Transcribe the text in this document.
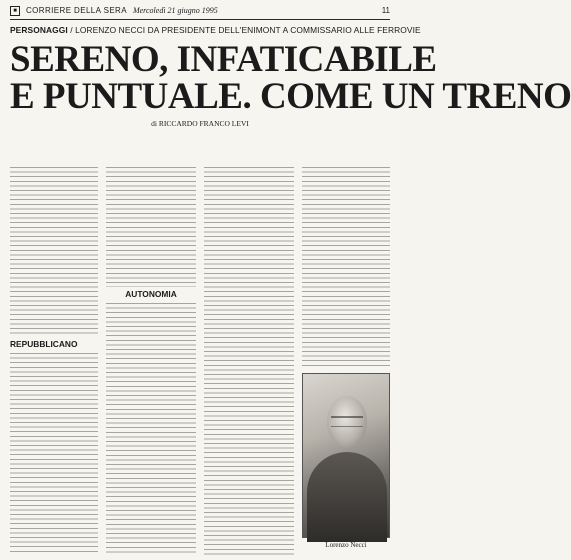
■	CORRIERE DELLA SERA Mercoledì 21 giugno 1995	11
PERSONAGGI / LORENZO NECCI DA PRESIDENTE DELL'ENIMONT A COMMISSARIO ALLE FERROVIE
SERENO, INFATICABILE
E PUNTUALE. COME UN TRENO
di RICCARDO FRANCO LEVI
REPUBBLICANO
AUTONOMIA
Lorenzo Necci
